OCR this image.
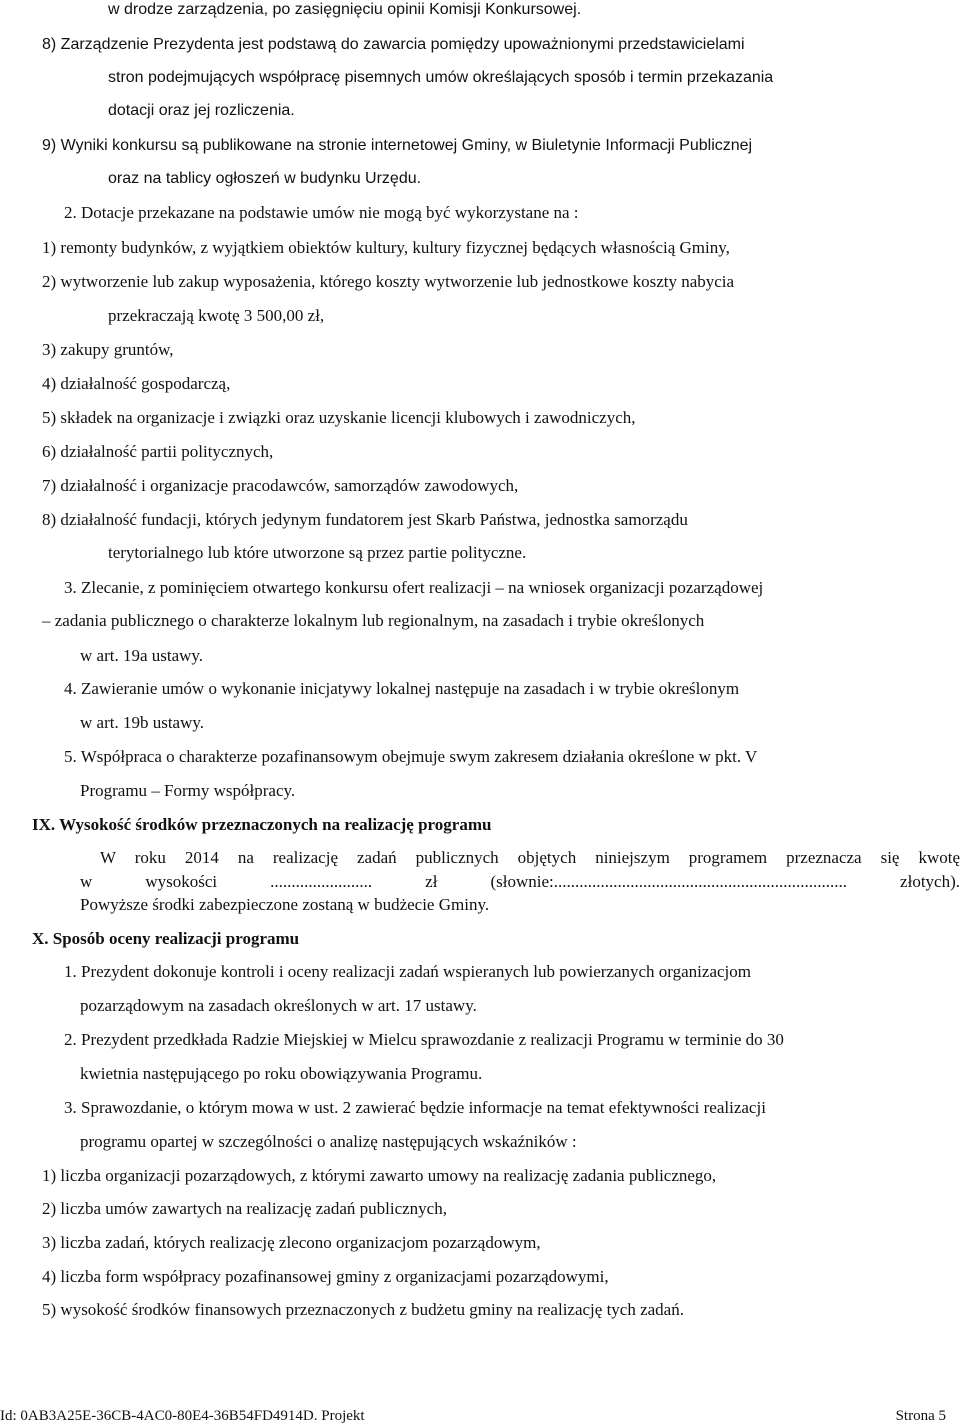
w drodze zarządzenia, po zasięgnięciu opinii Komisji Konkursowej.
8) Zarządzenie Prezydenta jest podstawą do zawarcia pomiędzy upoważnionymi przedstawicielami
stron podejmujących współpracę pisemnych umów określających sposób i termin przekazania
dotacji oraz jej rozliczenia.
9) Wyniki konkursu są publikowane na stronie internetowej Gminy, w Biuletynie Informacji Publicznej
oraz na tablicy ogłoszeń w budynku Urzędu.
2. Dotacje przekazane na podstawie umów nie mogą być wykorzystane na :
1) remonty budynków, z wyjątkiem obiektów kultury, kultury fizycznej będących własnością Gminy,
2) wytworzenie lub zakup wyposażenia, którego koszty wytworzenie lub jednostkowe koszty nabycia
przekraczają kwotę 3 500,00 zł,
3) zakupy gruntów,
4) działalność gospodarczą,
5) składek na organizacje i związki oraz uzyskanie licencji klubowych i zawodniczych,
6) działalność partii politycznych,
7) działalność i organizacje pracodawców, samorządów zawodowych,
8) działalność fundacji, których jedynym fundatorem jest Skarb Państwa, jednostka samorządu
terytorialnego lub które utworzone są przez partie polityczne.
3. Zlecanie, z pominięciem otwartego konkursu ofert realizacji – na wniosek organizacji pozarządowej
– zadania publicznego o charakterze lokalnym lub regionalnym, na zasadach i trybie określonych
w art. 19a ustawy.
4. Zawieranie umów o wykonanie inicjatywy lokalnej następuje na zasadach i w trybie określonym
w art. 19b ustawy.
5. Współpraca o charakterze pozafinansowym obejmuje swym zakresem działania określone w pkt. V
Programu – Formy współpracy.
IX. Wysokość środków przeznaczonych na realizację programu
W roku 2014 na realizację zadań publicznych objętych niniejszym programem przeznacza się kwotę
w wysokości ........................ zł (słownie:..................................................................... złotych).
Powyższe środki zabezpieczone zostaną w budżecie Gminy.
X. Sposób oceny realizacji programu
1. Prezydent dokonuje kontroli i oceny realizacji zadań wspieranych lub powierzanych organizacjom
pozarządowym na zasadach określonych w art. 17 ustawy.
2. Prezydent przedkłada Radzie Miejskiej w Mielcu sprawozdanie z realizacji Programu w terminie do 30
kwietnia następującego po roku obowiązywania Programu.
3. Sprawozdanie, o którym mowa w ust. 2 zawierać będzie informacje na temat efektywności realizacji
programu opartej w szczególności o analizę następujących wskaźników :
1) liczba organizacji pozarządowych, z którymi zawarto umowy na realizację zadania publicznego,
2) liczba umów zawartych na realizację zadań publicznych,
3) liczba zadań, których realizację zlecono organizacjom pozarządowym,
4) liczba form współpracy pozafinansowej gminy z organizacjami pozarządowymi,
5) wysokość środków finansowych przeznaczonych z budżetu gminy na realizację tych zadań.
Id: 0AB3A25E-36CB-4AC0-80E4-36B54FD4914D. Projekt	Strona 5
